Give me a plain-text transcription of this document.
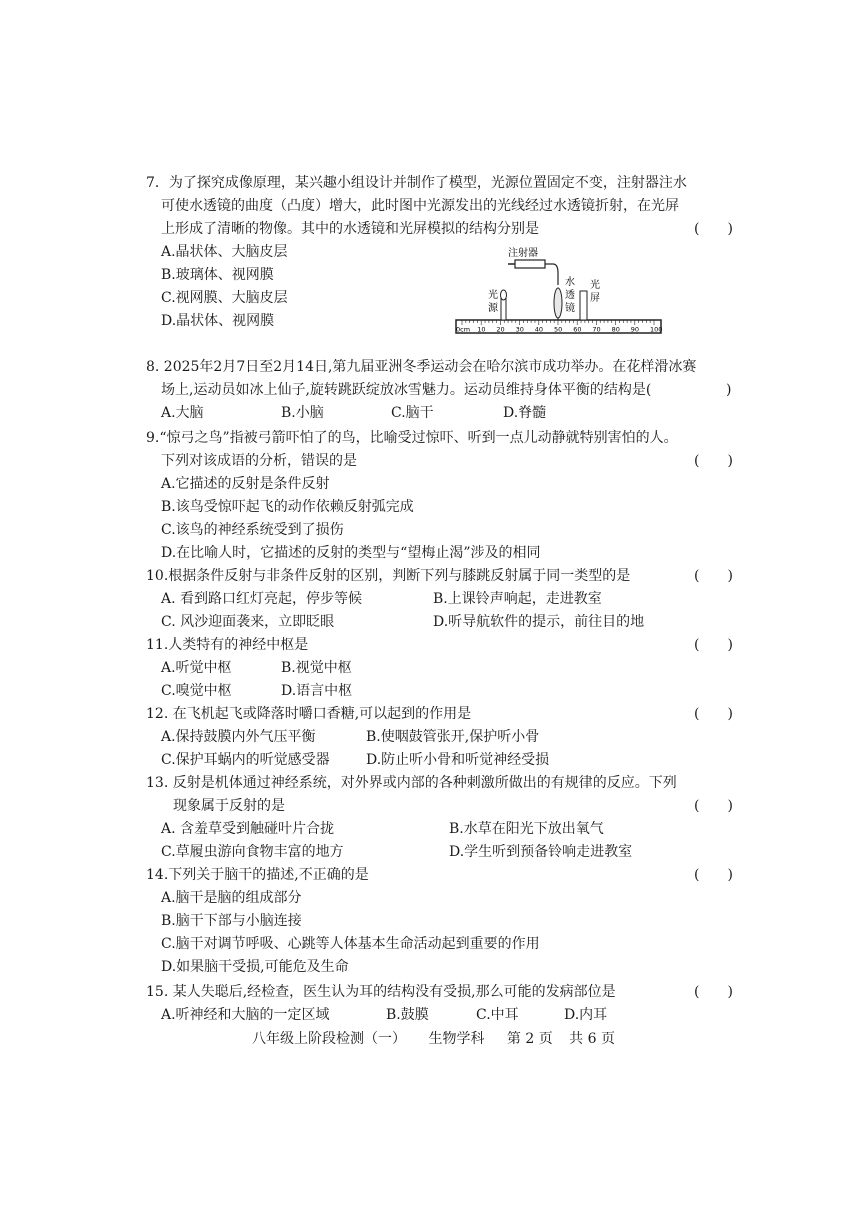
7．为了探究成像原理，某兴趣小组设计并制作了模型，光源位置固定不变，注射器注水
可使水透镜的曲度（凸度）增大，此时图中光源发出的光线经过水透镜折射，在光屏
上形成了清晰的物像。其中的水透镜和光屏模拟的结构分别是	(　　)
A.晶状体、大脑皮层
B.玻璃体、视网膜
C.视网膜、大脑皮层
D.晶状体、视网膜
0cm 10 20 30 40 50 60 70 80 90 100
注射器
光
源
水
透
镜
光
屏
8. 2025年2月7日至2月14日,第九届亚洲冬季运动会在哈尔滨市成功举办。在花样滑冰赛
场上,运动员如冰上仙子,旋转跳跃绽放冰雪魅力。运动员维持身体平衡的结构是(	)
A.大脑	B.小脑	C.脑干	D.脊髓
9.“惊弓之鸟”指被弓箭吓怕了的鸟，比喻受过惊吓、听到一点儿动静就特别害怕的人。
下列对该成语的分析，错误的是	(　　)
A.它描述的反射是条件反射
B.该鸟受惊吓起飞的动作依赖反射弧完成
C.该鸟的神经系统受到了损伤
D.在比喻人时，它描述的反射的类型与“望梅止渴”涉及的相同
10.根据条件反射与非条件反射的区别，判断下列与膝跳反射属于同一类型的是	(　　)
A. 看到路口红灯亮起，停步等候	B.上课铃声响起，走进教室
C. 风沙迎面袭来，立即眨眼	D.听导航软件的提示，前往目的地
11.人类特有的神经中枢是	(　　)
A.听觉中枢	B.视觉中枢
C.嗅觉中枢	D.语言中枢
12. 在飞机起飞或降落时嚼口香糖,可以起到的作用是	(　　)
A.保持鼓膜内外气压平衡	B.使咽鼓管张开,保护听小骨
C.保护耳蜗内的听觉感受器	D.防止听小骨和听觉神经受损
13. 反射是机体通过神经系统，对外界或内部的各种刺激所做出的有规律的反应。下列
现象属于反射的是	(　　)
A. 含羞草受到触碰叶片合拢	B.水草在阳光下放出氧气
C.草履虫游向食物丰富的地方	D.学生听到预备铃响走进教室
14.下列关于脑干的描述,不正确的是	(　　)
A.脑干是脑的组成部分
B.脑干下部与小脑连接
C.脑干对调节呼吸、心跳等人体基本生命活动起到重要的作用
D.如果脑干受损,可能危及生命
15. 某人失聪后,经检查，医生认为耳的结构没有受损,那么可能的发病部位是	(　　)
A.听神经和大脑的一定区域	B.鼓膜	C.中耳	D.内耳
八年级上阶段检测（一） 生物学科 第 2 页 共 6 页
